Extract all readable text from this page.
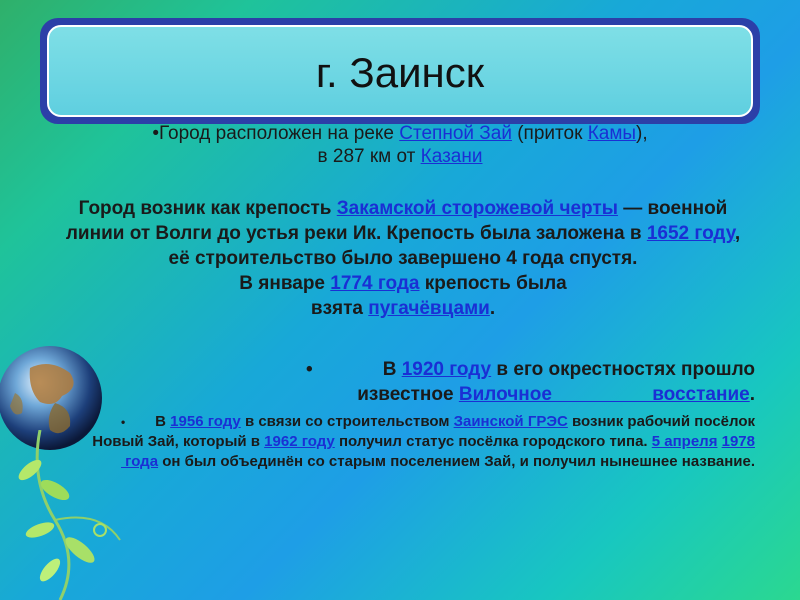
г. Заинск
•Город расположен на реке Степной Зай (приток Камы),
в 287 км от Казани
Город возник как крепость Закамской сторожевой черты — военной линии от Волги до устья реки Ик. Крепость была заложена в 1652 году, её строительство было завершено 4 года спустя.
В январе 1774 года крепость была
взята пугачёвцами.
•	В 1920 году в его окрестностях прошло
известное Вилочное                   восстание.
• В 1956 году в связи со строительством Заинской ГРЭС возник рабочий посёлок Новый Зай, который в 1962 году получил статус посёлка городского типа. 5 апреля 1978
года он был объединён со старым поселением Зай, и получил нынешнее название.
